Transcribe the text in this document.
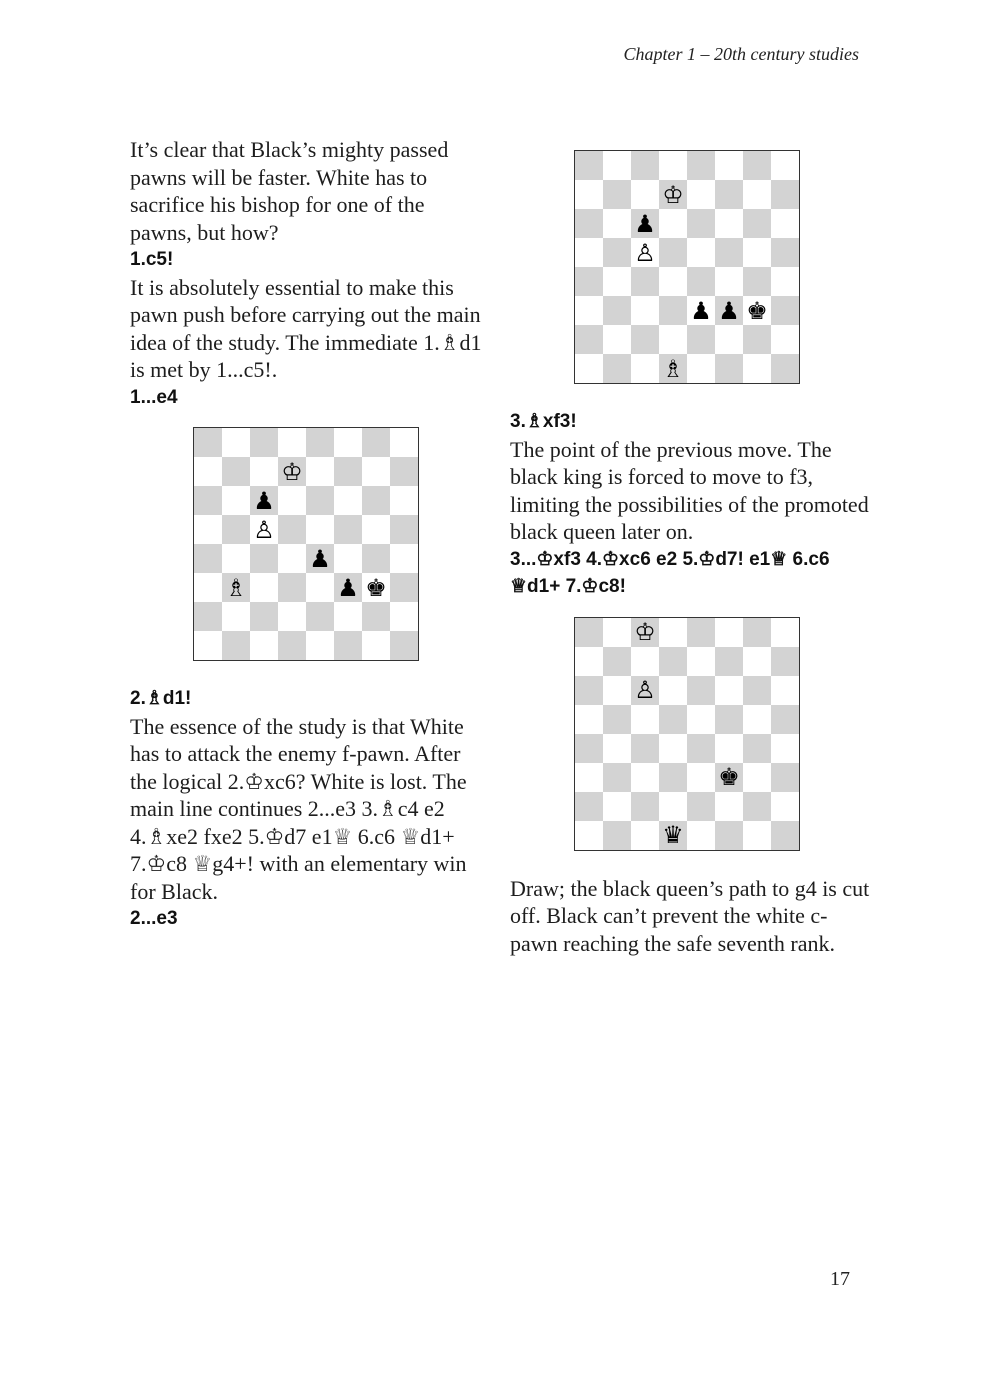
Chapter 1 – 20th century studies

It’s clear that Black’s mighty passed pawns will be faster. White has to sacrifice his bishop for one of the pawns, but how?

1.c5!

It is absolutely essential to make this pawn push before carrying out the main idea of the study. The immediate 1.♗d1 is met by 1...c5!.

1...e4

♔
♟
♙
♟
♗	♟ ♚

2.♗d1!

The essence of the study is that White has to attack the enemy f-pawn. After the logical 2.♔xc6? White is lost. The main line continues 2...e3 3.♗c4 e2 4.♗xe2 fxe2 5.♔d7 e1♕ 6.c6 ♕d1+ 7.♔c8 ♕g4+! with an elementary win for Black.

2...e3

♔
♟
♙
♟ ♟ ♚
♗

3.♗xf3!

The point of the previous move. The black king is forced to move to f3, limiting the possibilities of the promoted black queen later on.

3...♔xf3 4.♔xc6 e2 5.♔d7! e1♕ 6.c6 ♕d1+ 7.♔c8!

♔
♙
♚
♛

Draw; the black queen’s path to g4 is cut off. Black can’t prevent the white c-pawn reaching the safe seventh rank.

17
